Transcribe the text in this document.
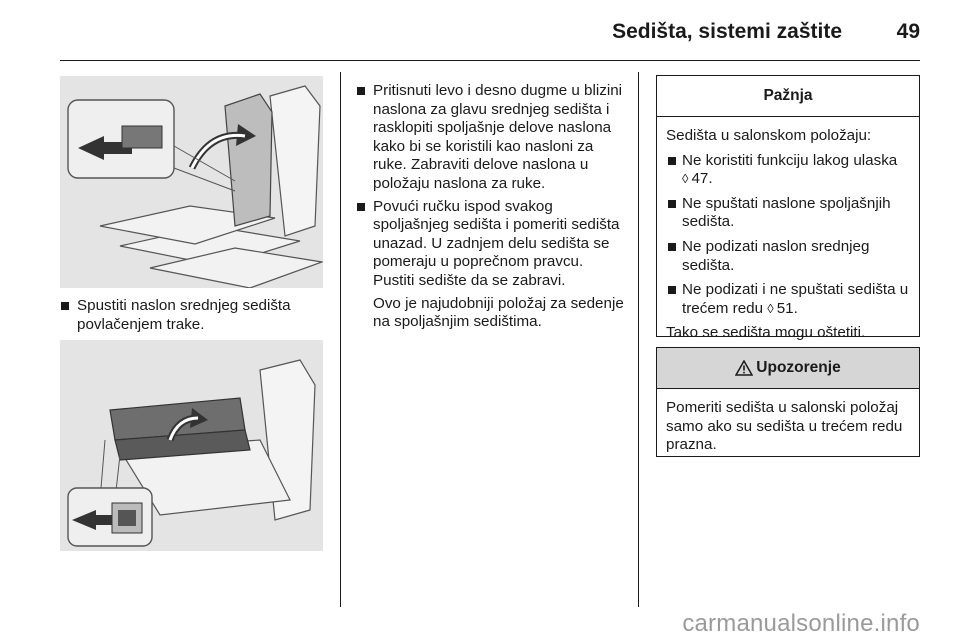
Sedišta, sistemi zaštite	49
Spustiti naslon srednjeg sedišta povlačenjem trake.
Pritisnuti levo i desno dugme u blizini naslona za glavu srednjeg sedišta i rasklopiti spoljašnje delove naslona kako bi se koristili kao nasloni za ruke. Zabraviti delove naslona u položaju naslona za ruke.
Povući ručku ispod svakog spoljašnjeg sedišta i pomeriti sedišta unazad. U zadnjem delu sedišta se pomeraju u poprečnom pravcu. Pustiti sedište da se zabravi.
Ovo je najudobniji položaj za sedenje na spoljašnjim sedištima.
Pažnja

Sedišta u salonskom položaju:

Ne koristiti funkciju lakog ulaska ◊ 47.
Ne spuštati naslone spoljašnjih sedišta.
Ne podizati naslon srednjeg sedišta.
Ne podizati i ne spuštati sedišta u trećem redu ◊ 51.

Tako se sedišta mogu oštetiti.

Upozorenje

Pomeriti sedišta u salonski položaj samo ako su sedišta u trećem redu prazna.

carmanualsonline.info
